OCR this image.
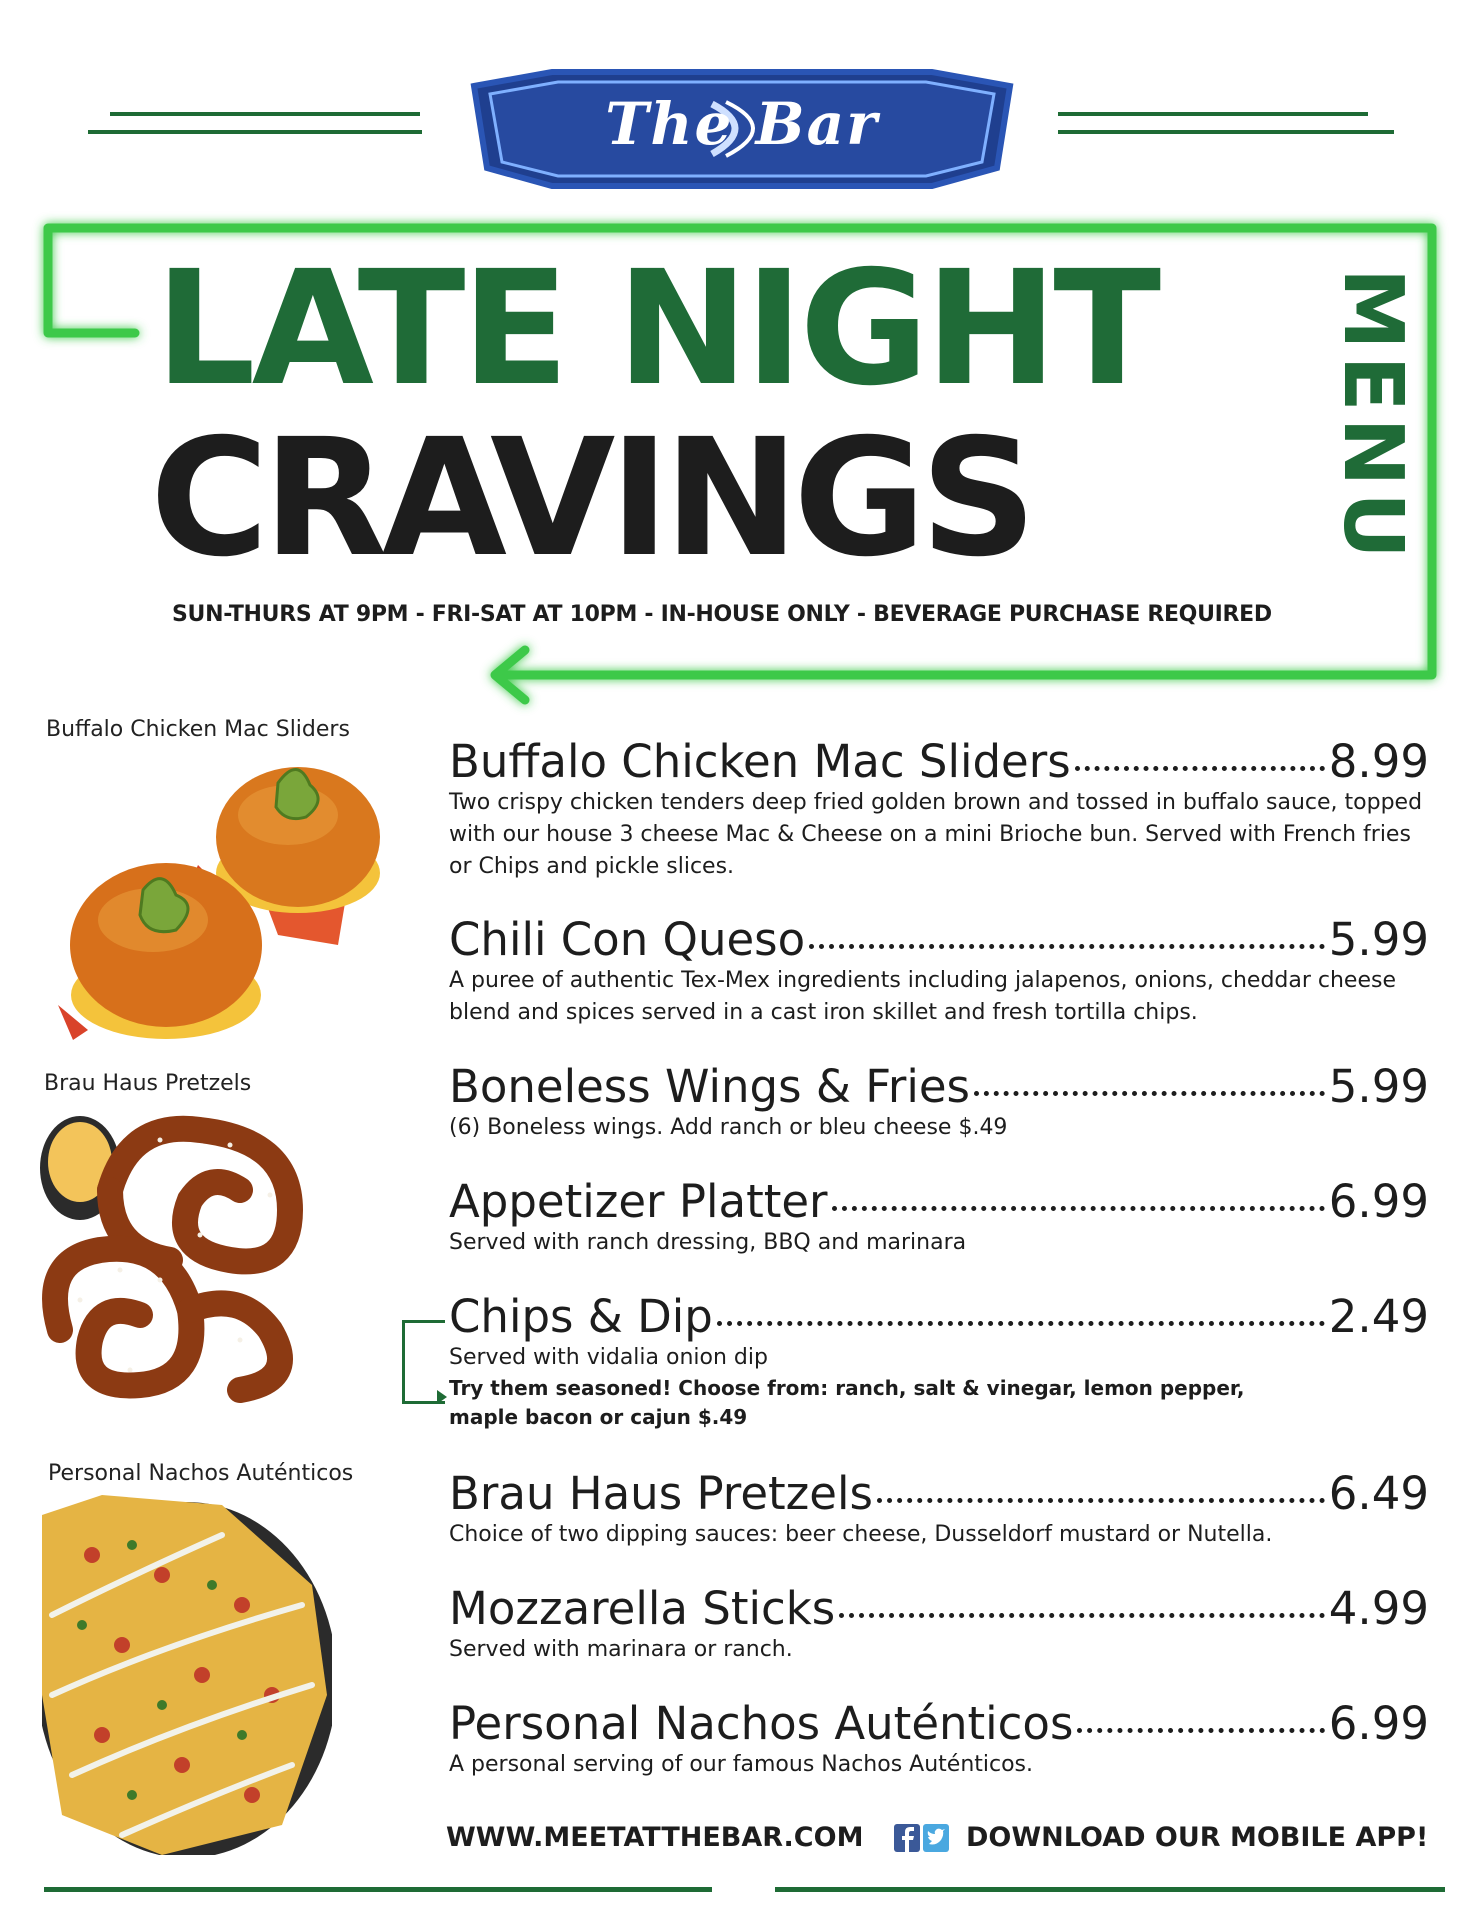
The Bar
LATE NIGHT
CRAVINGS	MENU
SUN-THURS AT 9PM - FRI-SAT AT 10PM - IN-HOUSE ONLY - BEVERAGE PURCHASE REQUIRED
Buffalo Chicken Mac Sliders
Brau Haus Pretzels
Personal Nachos Auténticos
Buffalo Chicken Mac Sliders	8.99
Two crispy chicken tenders deep fried golden brown and tossed in buffalo sauce, topped with our house 3 cheese Mac & Cheese on a mini Brioche bun. Served with French fries or Chips and pickle slices.
Chili Con Queso	5.99
A puree of authentic Tex-Mex ingredients including jalapenos, onions, cheddar cheese blend and spices served in a cast iron skillet and fresh tortilla chips.
Boneless Wings & Fries	5.99
(6) Boneless wings. Add ranch or bleu cheese $.49
Appetizer Platter	6.99
Served with ranch dressing, BBQ and marinara
Chips & Dip	2.49
Served with vidalia onion dip
Try them seasoned! Choose from: ranch, salt & vinegar, lemon pepper, maple bacon or cajun $.49
Brau Haus Pretzels	6.49
Choice of two dipping sauces: beer cheese, Dusseldorf mustard or Nutella.
Mozzarella Sticks	4.99
Served with marinara or ranch.
Personal Nachos Auténticos	6.99
A personal serving of our famous Nachos Auténticos.
WWW.MEETATTHEBAR.COM	DOWNLOAD OUR MOBILE APP!
